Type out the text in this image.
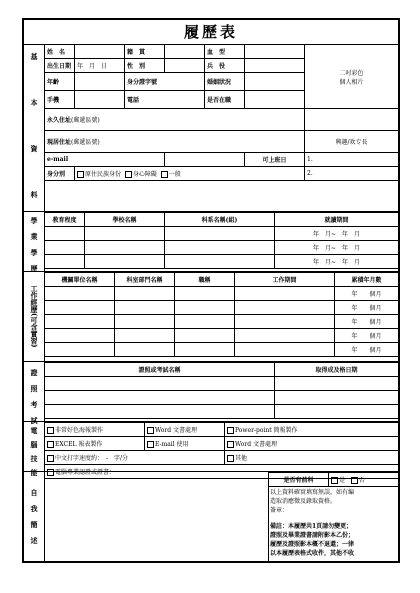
履歷表
基
本
資
料
姓　名		籍　貫		血　型		二吋彩色
個人相片
出生日期	年　月　日	性　別		兵　役		
年齡		身分證字號		婚姻狀況		
手機		電話		是否在職		
永久住址(郵遞區號)						
現居住址(郵遞區號)						興趣/欢专長
e-mail					可上班日	1.
身分別	原住民族身份 身心障礙 一般					2.
學
業
學
歷
教育程度	學校名稱	科系名稱(組)	就讀期間
			年　月~　年　月
			年　月~　年　月
			年　月~　年　月
工作經歷(可含實習)
機關單位名稱	科室部門名稱	職稱	工作期間	累積年月數
				年　　個月
				年　　個月
				年　　個月
				年　　個月
				年　　個月
證
照
考
試
證照或考試名稱	取得成及格日期

電
腦
技
能
非常好色海報製作	Word 文書處理	Power-point 簡報製作
EXCEL 報表製作	E-mail 使用	Word 文書處理
中文打字速度約：　-　字/分		其他
電腦專業認證或證書：		
自
我
簡
述
是否有前科	是 否
以上資料確實填寫無誤，如有編
造取消應徵及錄取資格。
簽章：
備註：本履歷共1頁請勿變更；
證照及畢業證書請附影本乙份；
履歷及證照影本概不退還；一律
以本履歷表格式收件，其他不收
